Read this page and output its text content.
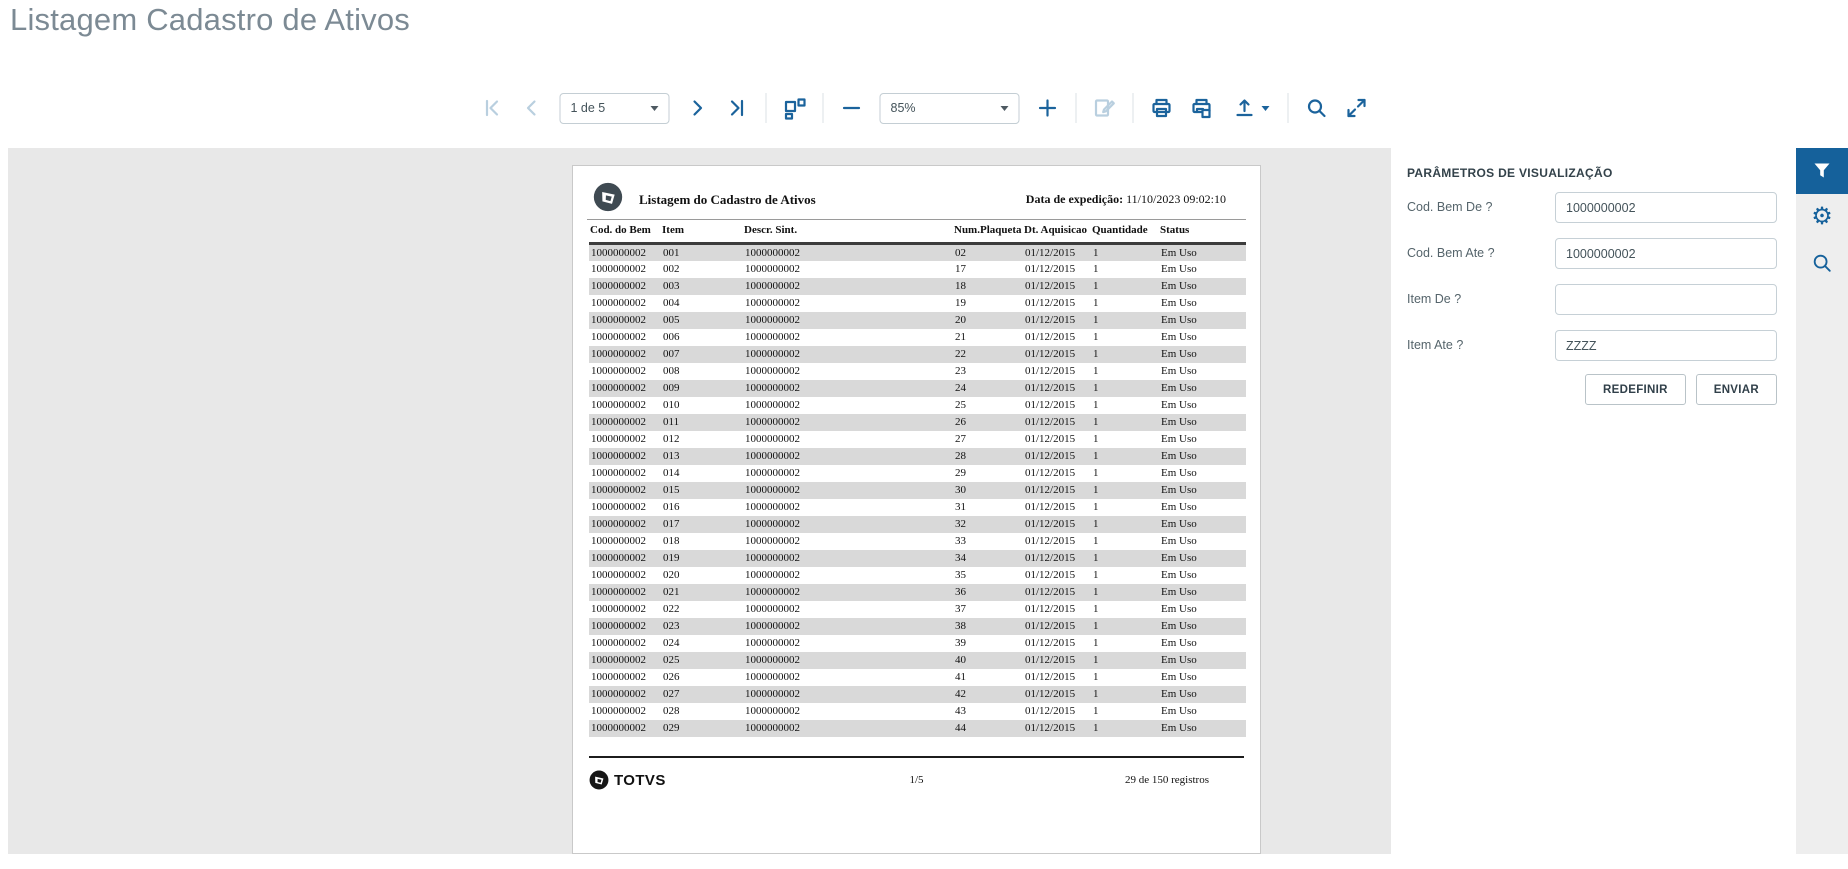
Listagem Cadastro de Ativos
1 de 5	85%
Listagem do Cadastro de Ativos	Data de expedição: 11/10/2023 09:02:10
Cod. do Bem	Item	Descr. Sint.	Num.Plaqueta	Dt. Aquisicao	Quantidade	Status
1000000002	001	1000000002	02	01/12/2015	1	Em Uso
1000000002	002	1000000002	17	01/12/2015	1	Em Uso
1000000002	003	1000000002	18	01/12/2015	1	Em Uso
1000000002	004	1000000002	19	01/12/2015	1	Em Uso
1000000002	005	1000000002	20	01/12/2015	1	Em Uso
1000000002	006	1000000002	21	01/12/2015	1	Em Uso
1000000002	007	1000000002	22	01/12/2015	1	Em Uso
1000000002	008	1000000002	23	01/12/2015	1	Em Uso
1000000002	009	1000000002	24	01/12/2015	1	Em Uso
1000000002	010	1000000002	25	01/12/2015	1	Em Uso
1000000002	011	1000000002	26	01/12/2015	1	Em Uso
1000000002	012	1000000002	27	01/12/2015	1	Em Uso
1000000002	013	1000000002	28	01/12/2015	1	Em Uso
1000000002	014	1000000002	29	01/12/2015	1	Em Uso
1000000002	015	1000000002	30	01/12/2015	1	Em Uso
1000000002	016	1000000002	31	01/12/2015	1	Em Uso
1000000002	017	1000000002	32	01/12/2015	1	Em Uso
1000000002	018	1000000002	33	01/12/2015	1	Em Uso
1000000002	019	1000000002	34	01/12/2015	1	Em Uso
1000000002	020	1000000002	35	01/12/2015	1	Em Uso
1000000002	021	1000000002	36	01/12/2015	1	Em Uso
1000000002	022	1000000002	37	01/12/2015	1	Em Uso
1000000002	023	1000000002	38	01/12/2015	1	Em Uso
1000000002	024	1000000002	39	01/12/2015	1	Em Uso
1000000002	025	1000000002	40	01/12/2015	1	Em Uso
1000000002	026	1000000002	41	01/12/2015	1	Em Uso
1000000002	027	1000000002	42	01/12/2015	1	Em Uso
1000000002	028	1000000002	43	01/12/2015	1	Em Uso
1000000002	029	1000000002	44	01/12/2015	1	Em Uso
TOTVS	1/5	29 de 150 registros
PARÂMETROS DE VISUALIZAÇÃO
Cod. Bem De ?
1000000002
Cod. Bem Ate ?
1000000002
Item De ?
Item Ate ?
ZZZZ
REDEFINIR	ENVIAR
⚙
